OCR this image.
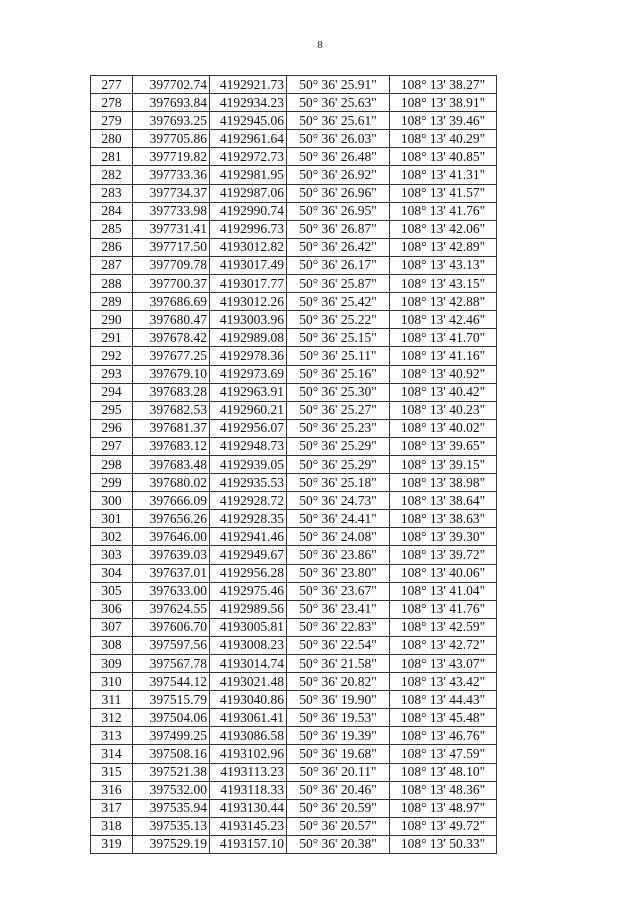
8
277	397702.74	4192921.73	50° 36' 25.91"	108° 13' 38.27"
278	397693.84	4192934.23	50° 36' 25.63"	108° 13' 38.91"
279	397693.25	4192945.06	50° 36' 25.61"	108° 13' 39.46"
280	397705.86	4192961.64	50° 36' 26.03"	108° 13' 40.29"
281	397719.82	4192972.73	50° 36' 26.48"	108° 13' 40.85"
282	397733.36	4192981.95	50° 36' 26.92"	108° 13' 41.31"
283	397734.37	4192987.06	50° 36' 26.96"	108° 13' 41.57"
284	397733.98	4192990.74	50° 36' 26.95"	108° 13' 41.76"
285	397731.41	4192996.73	50° 36' 26.87"	108° 13' 42.06"
286	397717.50	4193012.82	50° 36' 26.42"	108° 13' 42.89"
287	397709.78	4193017.49	50° 36' 26.17"	108° 13' 43.13"
288	397700.37	4193017.77	50° 36' 25.87"	108° 13' 43.15"
289	397686.69	4193012.26	50° 36' 25.42"	108° 13' 42.88"
290	397680.47	4193003.96	50° 36' 25.22"	108° 13' 42.46"
291	397678.42	4192989.08	50° 36' 25.15"	108° 13' 41.70"
292	397677.25	4192978.36	50° 36' 25.11"	108° 13' 41.16"
293	397679.10	4192973.69	50° 36' 25.16"	108° 13' 40.92"
294	397683.28	4192963.91	50° 36' 25.30"	108° 13' 40.42"
295	397682.53	4192960.21	50° 36' 25.27"	108° 13' 40.23"
296	397681.37	4192956.07	50° 36' 25.23"	108° 13' 40.02"
297	397683.12	4192948.73	50° 36' 25.29"	108° 13' 39.65"
298	397683.48	4192939.05	50° 36' 25.29"	108° 13' 39.15"
299	397680.02	4192935.53	50° 36' 25.18"	108° 13' 38.98"
300	397666.09	4192928.72	50° 36' 24.73"	108° 13' 38.64"
301	397656.26	4192928.35	50° 36' 24.41"	108° 13' 38.63"
302	397646.00	4192941.46	50° 36' 24.08"	108° 13' 39.30"
303	397639.03	4192949.67	50° 36' 23.86"	108° 13' 39.72"
304	397637.01	4192956.28	50° 36' 23.80"	108° 13' 40.06"
305	397633.00	4192975.46	50° 36' 23.67"	108° 13' 41.04"
306	397624.55	4192989.56	50° 36' 23.41"	108° 13' 41.76"
307	397606.70	4193005.81	50° 36' 22.83"	108° 13' 42.59"
308	397597.56	4193008.23	50° 36' 22.54"	108° 13' 42.72"
309	397567.78	4193014.74	50° 36' 21.58"	108° 13' 43.07"
310	397544.12	4193021.48	50° 36' 20.82"	108° 13' 43.42"
311	397515.79	4193040.86	50° 36' 19.90"	108° 13' 44.43"
312	397504.06	4193061.41	50° 36' 19.53"	108° 13' 45.48"
313	397499.25	4193086.58	50° 36' 19.39"	108° 13' 46.76"
314	397508.16	4193102.96	50° 36' 19.68"	108° 13' 47.59"
315	397521.38	4193113.23	50° 36' 20.11"	108° 13' 48.10"
316	397532.00	4193118.33	50° 36' 20.46"	108° 13' 48.36"
317	397535.94	4193130.44	50° 36' 20.59"	108° 13' 48.97"
318	397535.13	4193145.23	50° 36' 20.57"	108° 13' 49.72"
319	397529.19	4193157.10	50° 36' 20.38"	108° 13' 50.33"
